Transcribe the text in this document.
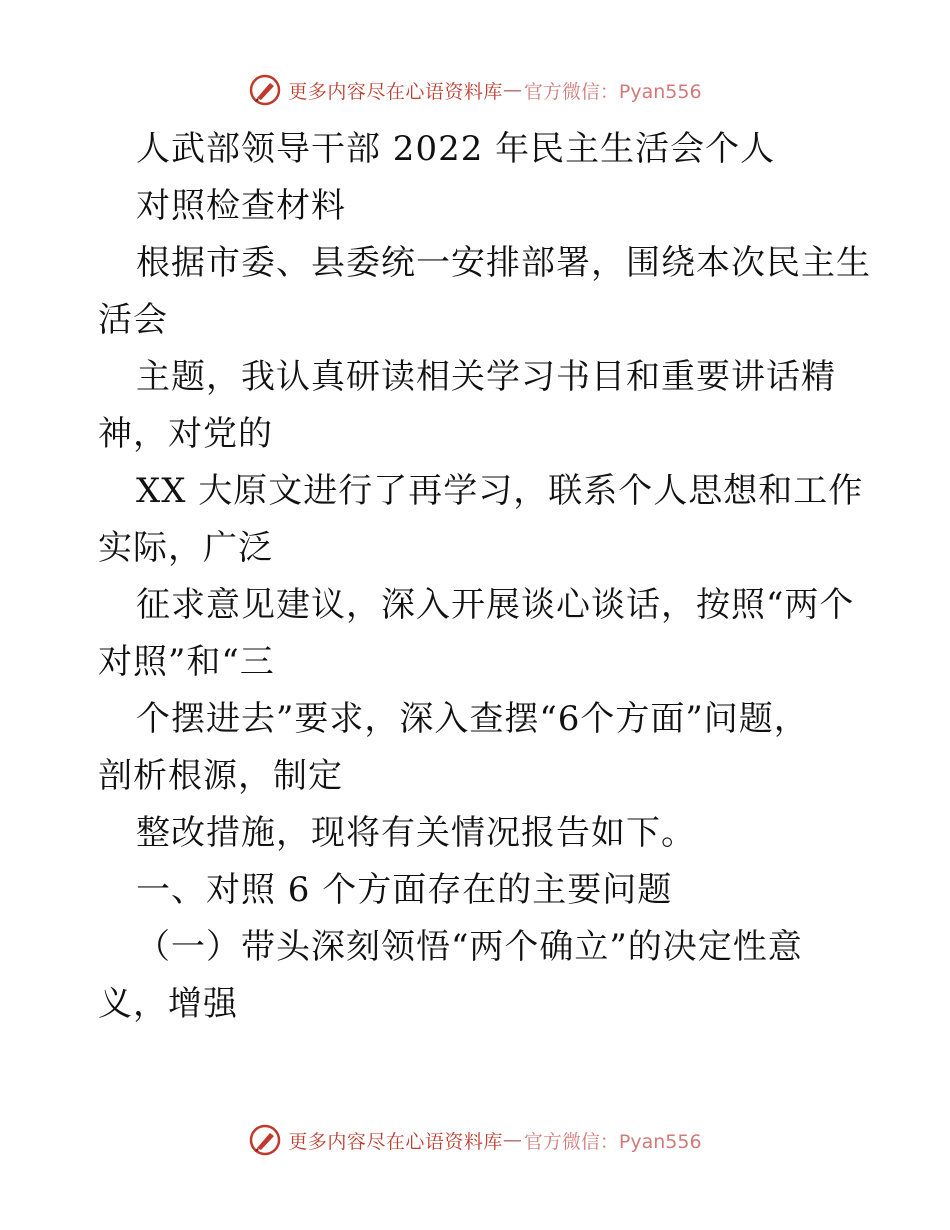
更多内容尽在心语资料库 — 官方微信：Pyan556
人武部领导干部 2022 年民主生活会个人
对照检查材料
根据市委、县委统一安排部署，围绕本次民主生
活会
主题，我认真研读相关学习书目和重要讲话精
神，对党的
XX 大原文进行了再学习，联系个人思想和工作
实际，广泛
征求意见建议，深入开展谈心谈话，按照“两个
对照”和“三
个摆进去”要求，深入查摆“6个方面”问题，
剖析根源，制定
整改措施，现将有关情况报告如下。
一、对照 6 个方面存在的主要问题
（一）带头深刻领悟“两个确立”的决定性意
义，增强
更多内容尽在心语资料库 — 官方微信：Pyan556
